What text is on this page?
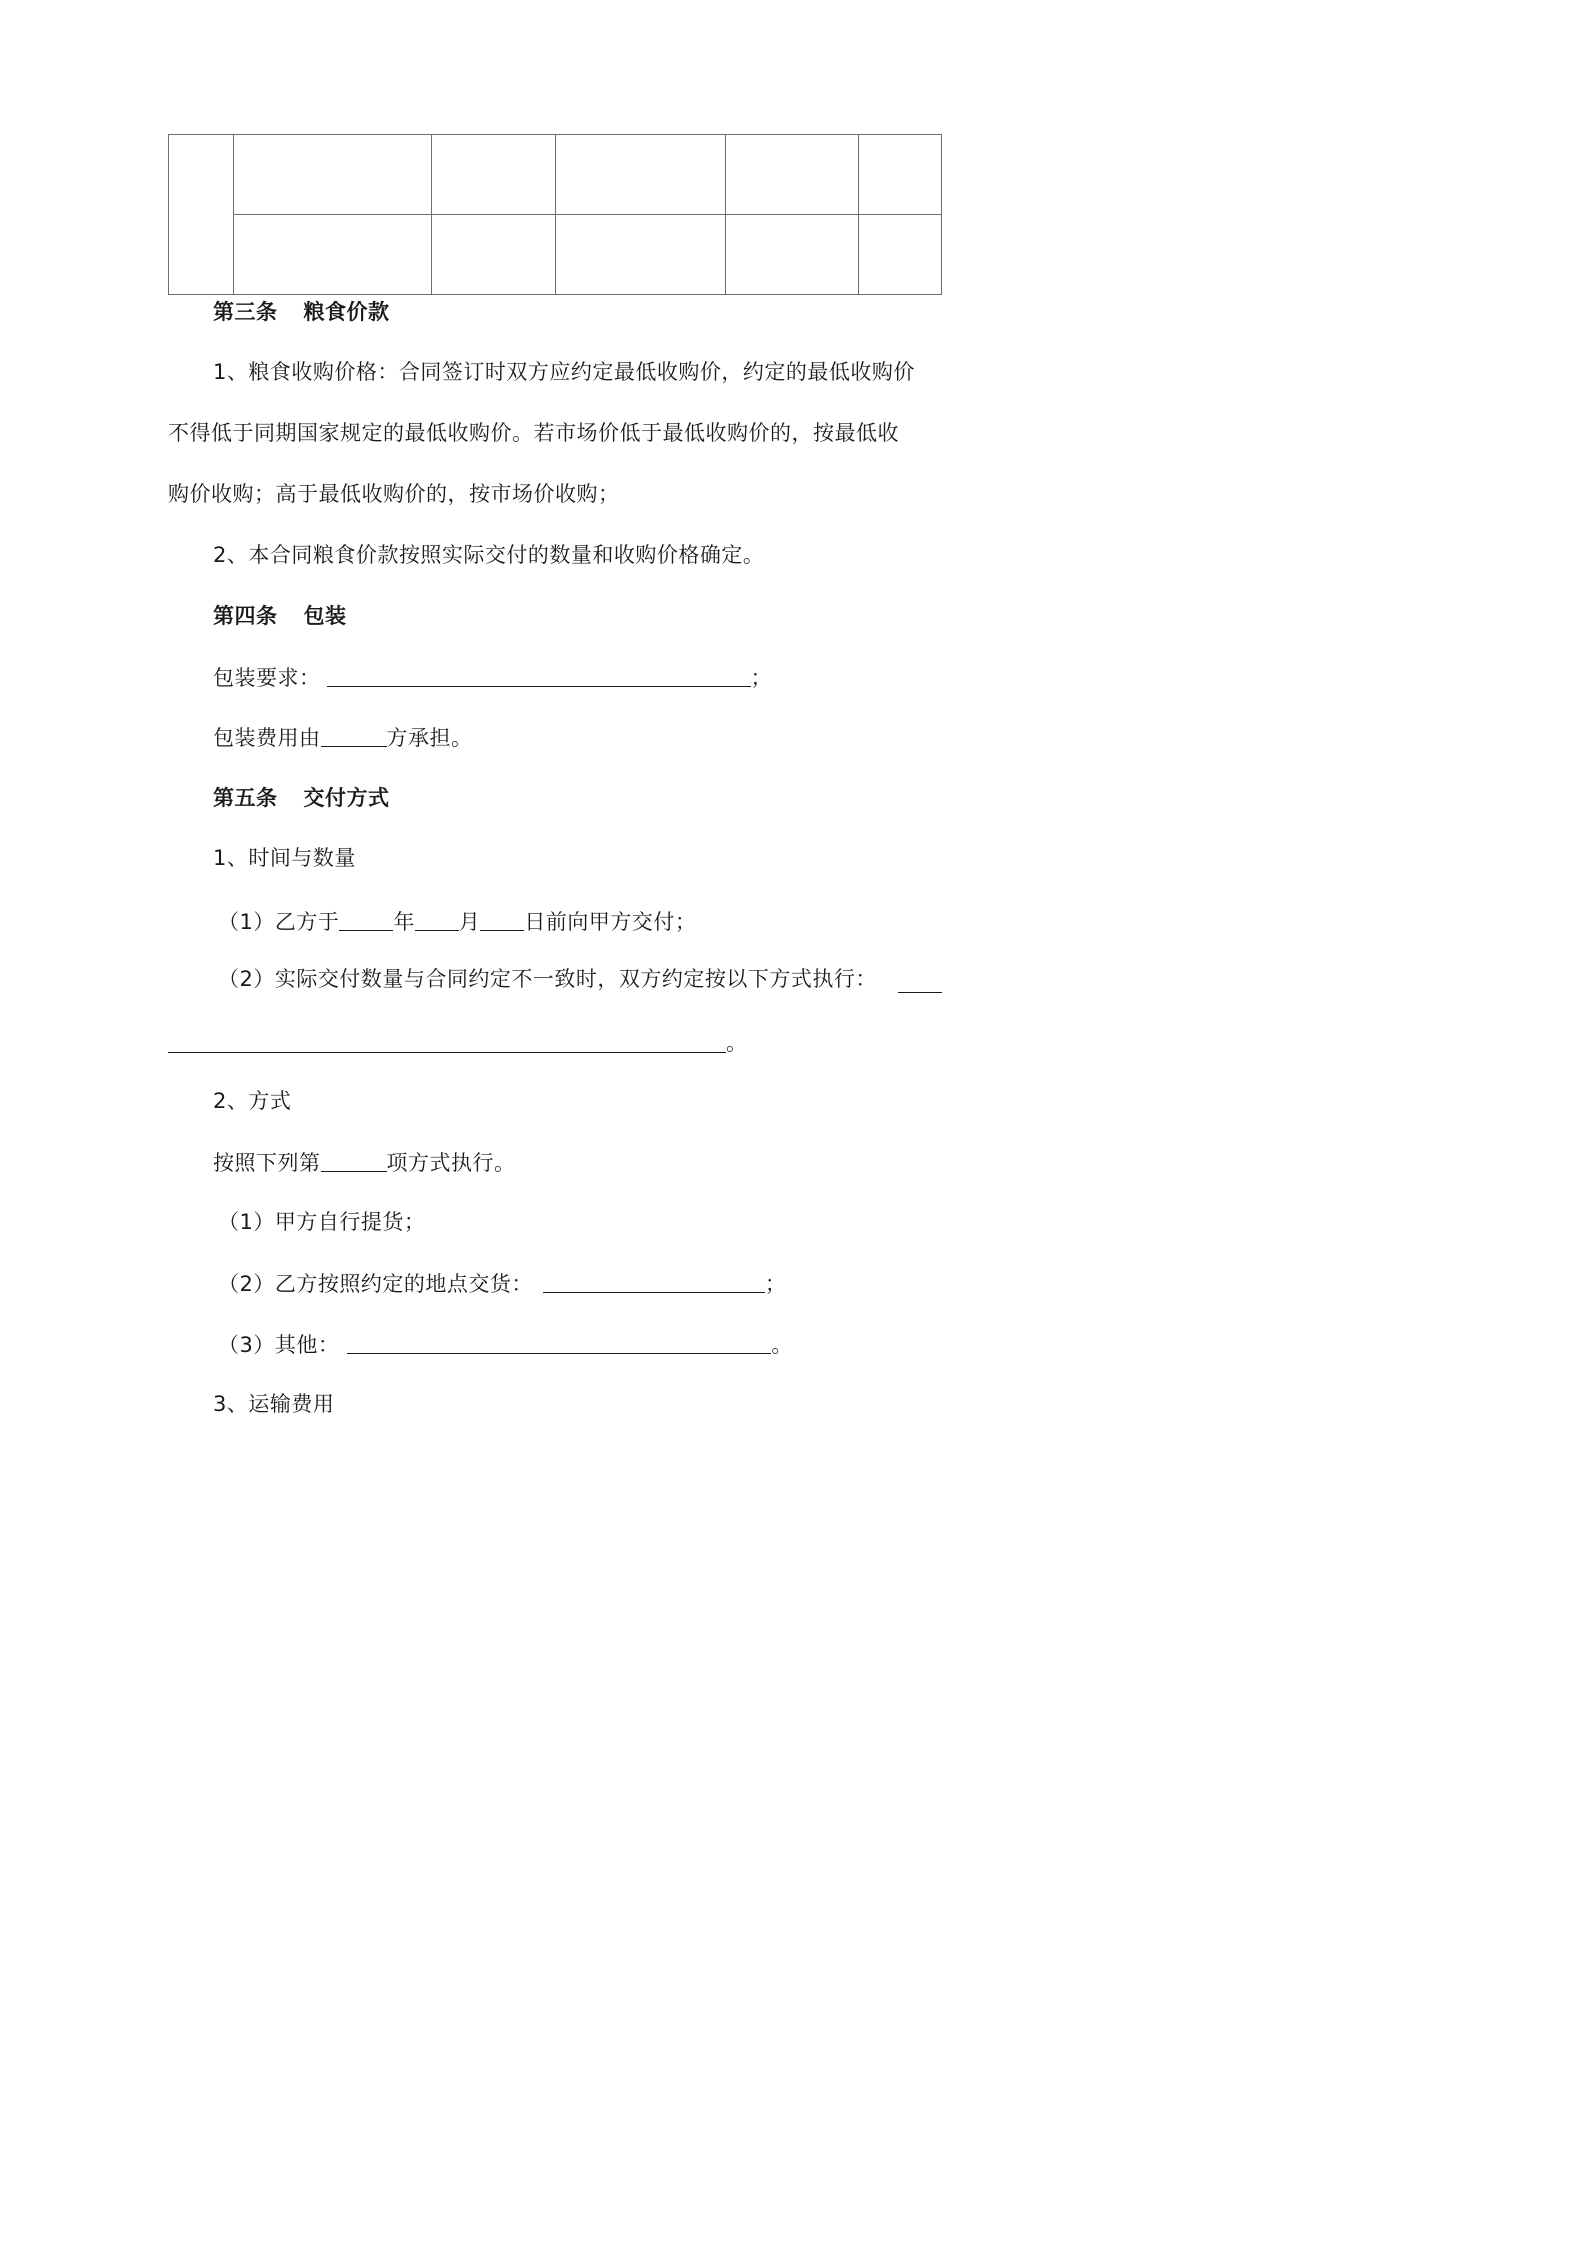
第三条 粮食价款
1、粮食收购价格：合同签订时双方应约定最低收购价，约定的最低收购价
不得低于同期国家规定的最低收购价。若市场价低于最低收购价的，按最低收
购价收购；高于最低收购价的，按市场价收购；
2、本合同粮食价款按照实际交付的数量和收购价格确定。
第四条 包装
包装要求：	；
包装费用由	方承担。
第五条 交付方式
1、时间与数量
（1）乙方于	年 月 日前向甲方交付；
（2）实际交付数量与合同约定不一致时，双方约定按以下方式执行：
。
2、方式
按照下列第	项方式执行。
（1）甲方自行提货；
（2）乙方按照约定的地点交货：	；
（3）其他：	。
3、运输费用
